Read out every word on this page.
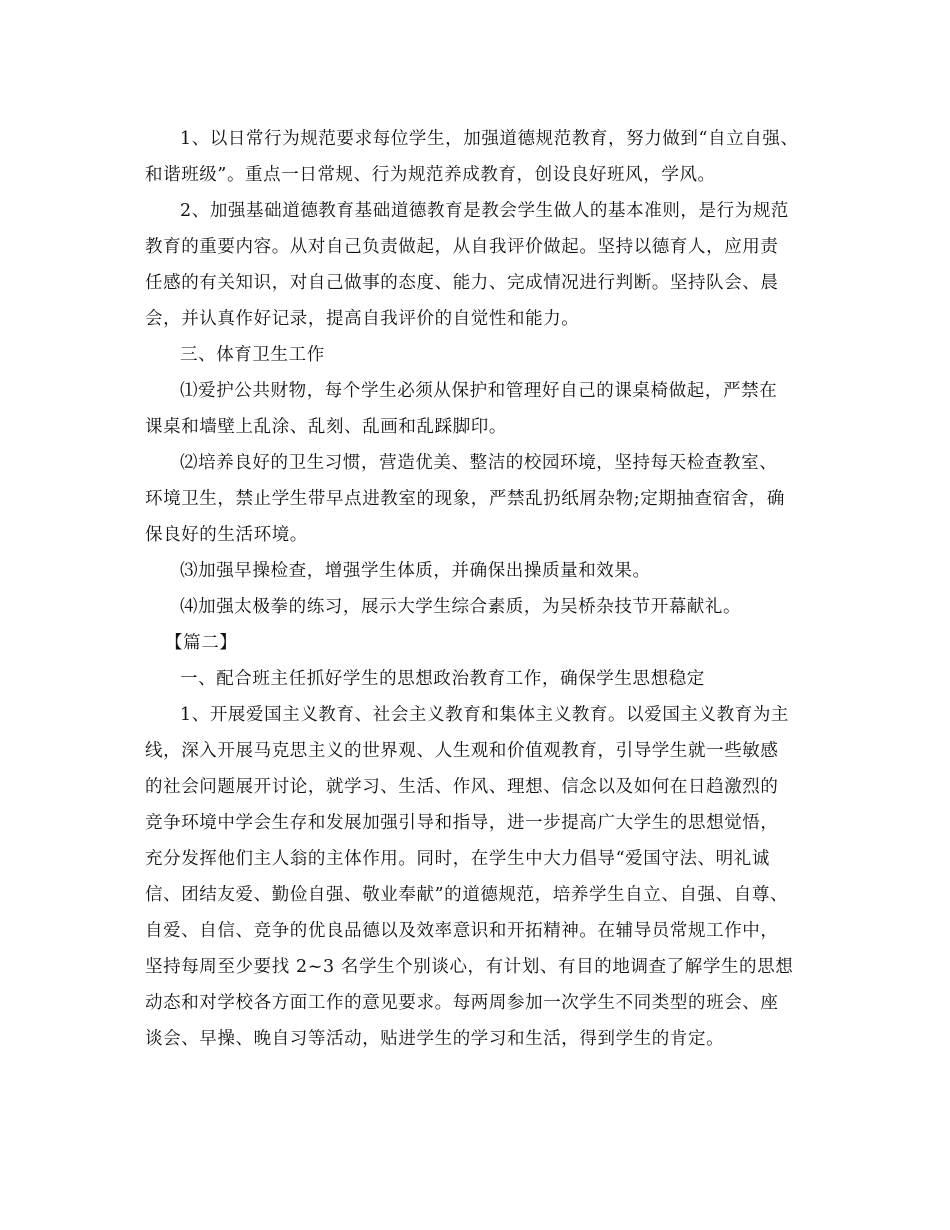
1、以日常行为规范要求每位学生，加强道德规范教育，努力做到“自立自强、
和谐班级”。重点一日常规、行为规范养成教育，创设良好班风，学风。
2、加强基础道德教育基础道德教育是教会学生做人的基本准则，是行为规范
教育的重要内容。从对自己负责做起，从自我评价做起。坚持以德育人，应用责
任感的有关知识，对自己做事的态度、能力、完成情况进行判断。坚持队会、晨
会，并认真作好记录，提高自我评价的自觉性和能力。
三、体育卫生工作
⑴爱护公共财物，每个学生必须从保护和管理好自己的课桌椅做起，严禁在
课桌和墙壁上乱涂、乱刻、乱画和乱踩脚印。
⑵培养良好的卫生习惯，营造优美、整洁的校园环境，坚持每天检查教室、
环境卫生，禁止学生带早点进教室的现象，严禁乱扔纸屑杂物;定期抽查宿舍，确
保良好的生活环境。
⑶加强早操检查，增强学生体质，并确保出操质量和效果。
⑷加强太极拳的练习，展示大学生综合素质，为吴桥杂技节开幕献礼。
【篇二】
一、配合班主任抓好学生的思想政治教育工作，确保学生思想稳定
1、开展爱国主义教育、社会主义教育和集体主义教育。以爱国主义教育为主
线，深入开展马克思主义的世界观、人生观和价值观教育，引导学生就一些敏感
的社会问题展开讨论，就学习、生活、作风、理想、信念以及如何在日趋激烈的
竞争环境中学会生存和发展加强引导和指导，进一步提高广大学生的思想觉悟，
充分发挥他们主人翁的主体作用。同时，在学生中大力倡导“爱国守法、明礼诚
信、团结友爱、勤俭自强、敬业奉献”的道德规范，培养学生自立、自强、自尊、
自爱、自信、竞争的优良品德以及效率意识和开拓精神。在辅导员常规工作中，
坚持每周至少要找 2~3 名学生个别谈心，有计划、有目的地调查了解学生的思想
动态和对学校各方面工作的意见要求。每两周参加一次学生不同类型的班会、座
谈会、早操、晚自习等活动，贴进学生的学习和生活，得到学生的肯定。
